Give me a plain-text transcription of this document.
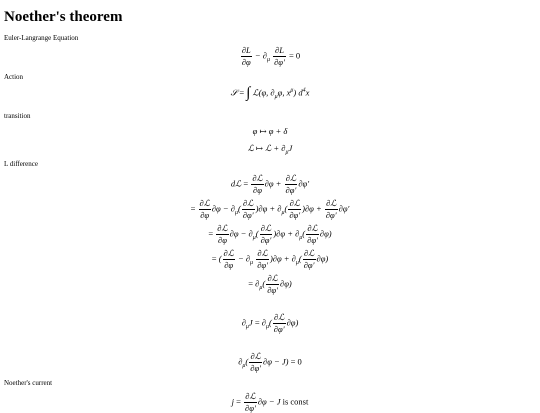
Noether's theorem
Euler-Langrange Equation
$\frac{\partial L}{\partial\varphi} - \partial_\mu \frac{\partial L}{\partial\varphi'} = 0$
Action
𝒮 = ∫ ℒ(φ, $\partial_\mu\varphi$, $x^\mu$) $d^4x$
transition
φ ↦ φ + δ
ℒ ↦ ℒ + $\partial_\mu J$
L difference
dℒ = $\frac{\text{∂ℒ}}{\partial\varphi} \partial\varphi + \frac{\text{∂ℒ}}{\partial\varphi'} \partial\varphi'$
= $\frac{\text{∂ℒ}}{\partial\varphi} \partial\varphi - \partial_\mu( \frac{\text{∂ℒ}}{\partial\varphi'} )\partial\varphi + \partial_\mu( \frac{\text{∂ℒ}}{\partial\varphi'} )\partial\varphi + \frac{\text{∂ℒ}}{\partial\varphi'} \partial\varphi'$
= $\frac{\text{∂ℒ}}{\partial\varphi} \partial\varphi - \partial_\mu( \frac{\text{∂ℒ}}{\partial\varphi'} )\partial\varphi + \partial_\mu( \frac{\text{∂ℒ}}{\partial\varphi'} \partial\varphi)$
= ( $\frac{\text{∂ℒ}}{\partial\varphi} - \partial_\mu \frac{\text{∂ℒ}}{\partial\varphi'} )\partial\varphi + \partial_\mu( \frac{\text{∂ℒ}}{\partial\varphi'} \partial\varphi)$
= $\partial_\mu( \frac{\text{∂ℒ}}{\partial\varphi'} \partial\varphi)$
$\partial_\mu J = \partial_\mu( \frac{\text{∂ℒ}}{\partial\varphi'} \partial\varphi)$
$\partial_\mu( \frac{\text{∂ℒ}}{\partial\varphi'} \partial\varphi - J) = 0$
Noether's current
$j = \frac{\text{∂ℒ}}{\partial\varphi'} \partial\varphi - J$ is const
